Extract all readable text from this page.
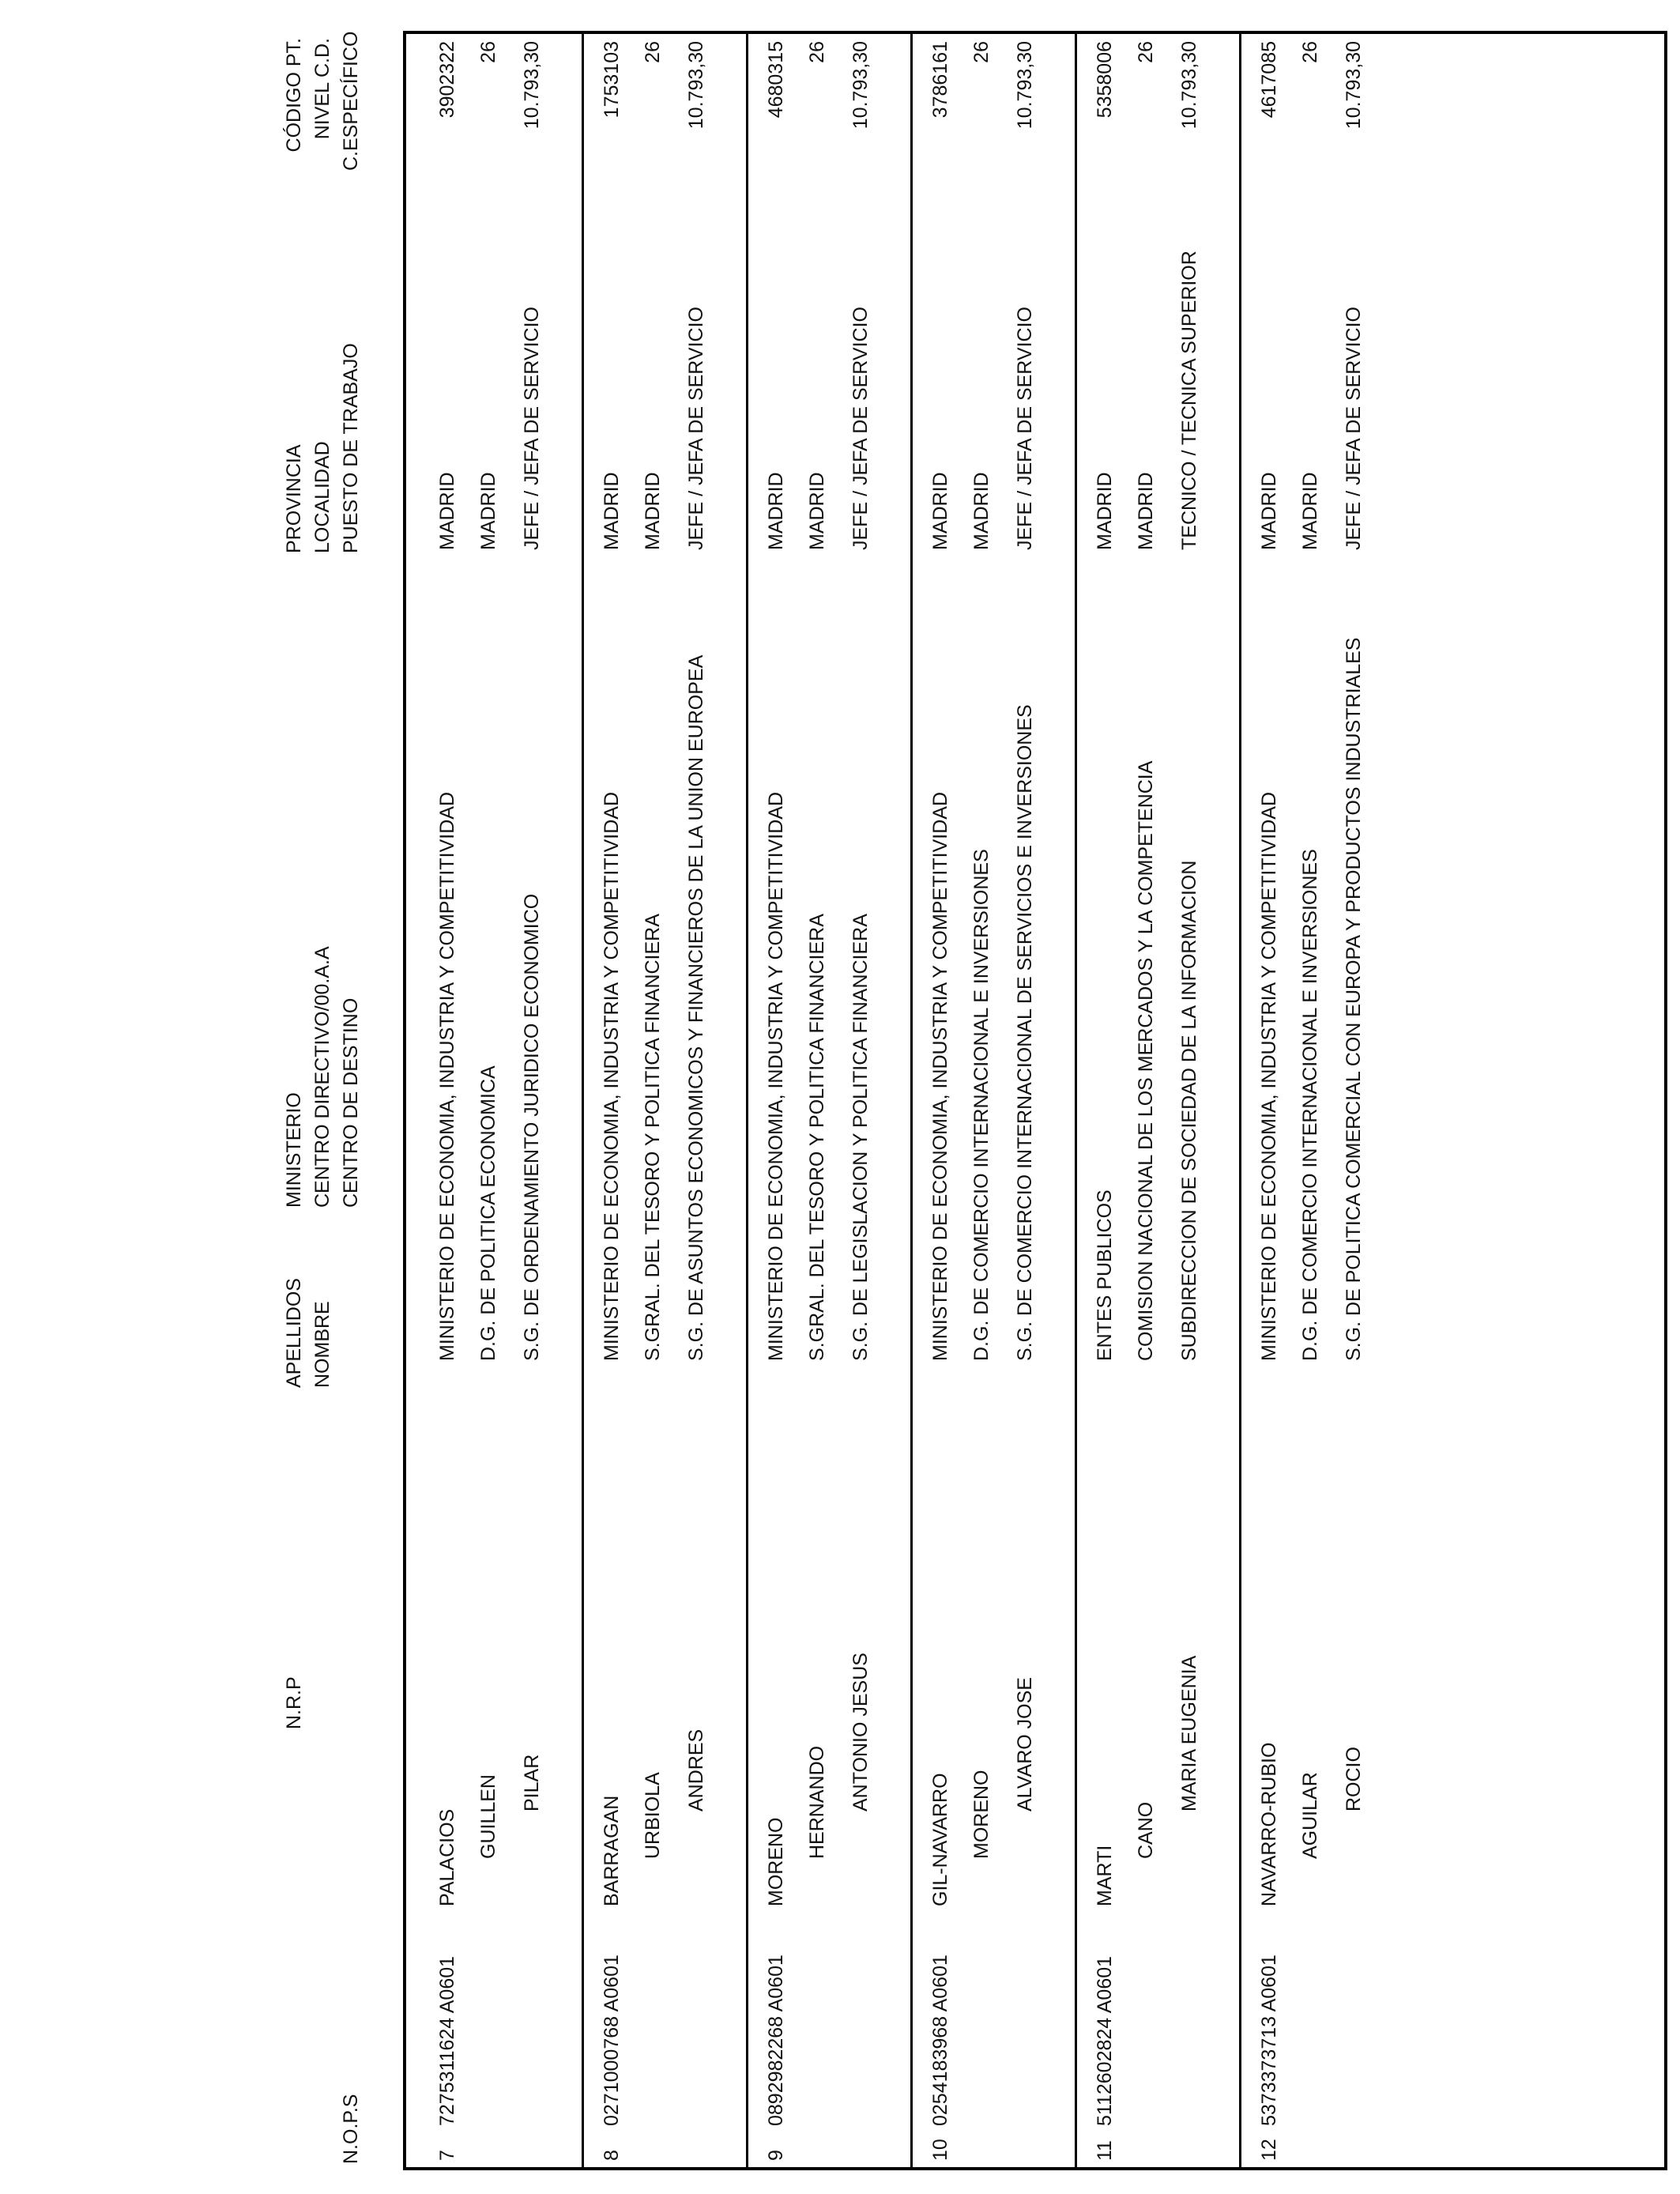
N.O.P.S
N.R.P
APELLIDOS NOMBRE
MINISTERIO CENTRO DIRECTIVO/00.A.A CENTRO DE DESTINO
PROVINCIA LOCALIDAD PUESTO DE TRABAJO
CÓDIGO PT. NIVEL C.D. C.ESPECÍFICO
7
7275311624 A0601
PALACIOS GUILLEN PILAR
MINISTERIO DE ECONOMIA, INDUSTRIA Y COMPETITIVIDAD D.G. DE POLITICA ECONOMICA S.G. DE ORDENAMIENTO JURIDICO ECONOMICO
MADRID MADRID JEFE / JEFA DE SERVICIO
3902322 26 10.793,30
8
0271000768 A0601
BARRAGAN URBIOLA
ANDRES
MINISTERIO DE ECONOMIA, INDUSTRIA Y COMPETITIVIDAD S.GRAL. DEL TESORO Y POLITICA FINANCIERA S.G. DE ASUNTOS ECONOMICOS Y FINANCIEROS DE LA UNION EUROPEA
MADRID MADRID JEFE / JEFA DE SERVICIO
1753103 26 10.793,30
9
0892982268 A0601
MORENO
HERNANDO ANTONIO JESUS
MINISTERIO DE ECONOMIA, INDUSTRIA Y COMPETITIVIDAD S.GRAL. DEL TESORO Y POLITICA FINANCIERA S.G. DE LEGISLACION Y POLITICA FINANCIERA
MADRID MADRID JEFE / JEFA DE SERVICIO
4680315 26 10.793,30
10
0254183968 A0601
GIL-NAVARRO MORENO
ALVARO JOSE
MINISTERIO DE ECONOMIA, INDUSTRIA Y COMPETITIVIDAD D.G. DE COMERCIO INTERNACIONAL E INVERSIONES S.G. DE COMERCIO INTERNACIONAL DE SERVICIOS E INVERSIONES
MADRID MADRID JEFE / JEFA DE SERVICIO
3786161 26 10.793,30
11
5112602824 A0601
MARTI
CANO
MARIA EUGENIA
ENTES PUBLICOS COMISION NACIONAL DE LOS MERCADOS Y LA COMPETENCIA SUBDIRECCION DE SOCIEDAD DE LA INFORMACION
MADRID MADRID TECNICO / TECNICA SUPERIOR
5358006 26 10.793,30
12
5373373713 A0601
NAVARRO-RUBIO AGUILAR ROCIO
MINISTERIO DE ECONOMIA, INDUSTRIA Y COMPETITIVIDAD D.G. DE COMERCIO INTERNACIONAL E INVERSIONES S.G. DE POLITICA COMERCIAL CON EUROPA Y PRODUCTOS INDUSTRIALES
MADRID MADRID JEFE / JEFA DE SERVICIO
4617085 26 10.793,30
